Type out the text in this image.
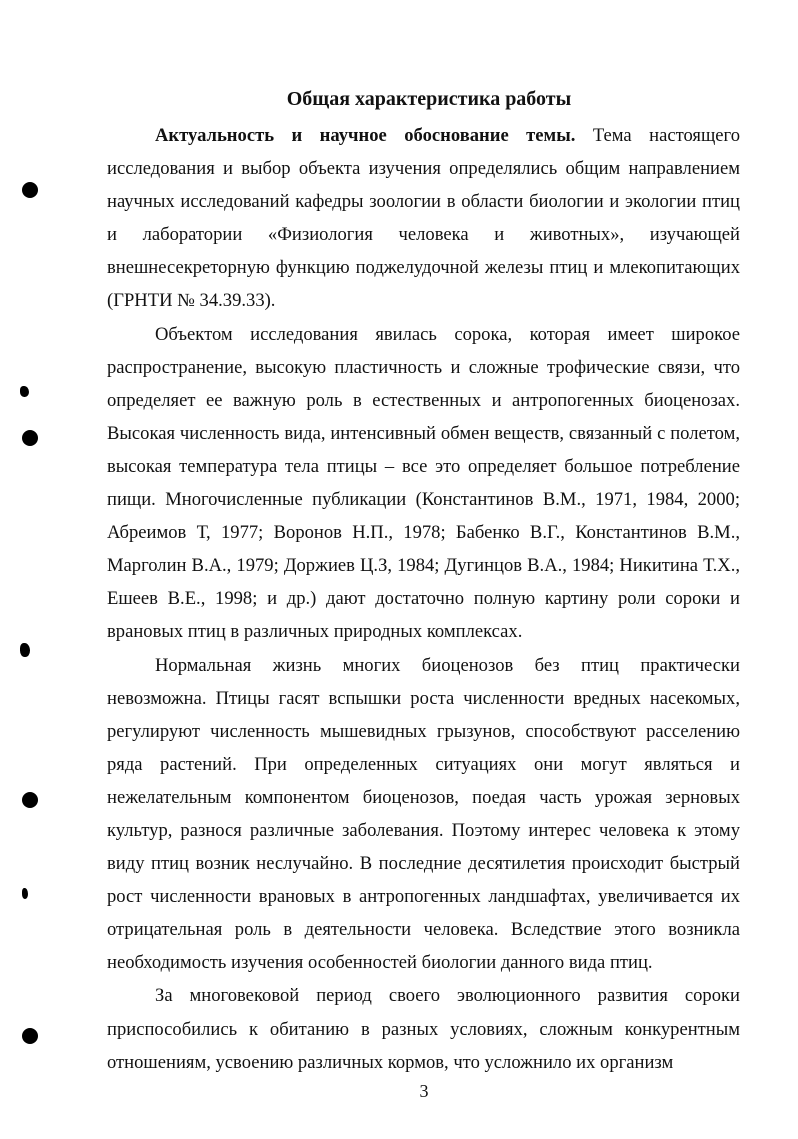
Общая характеристика работы

Актуальность и научное обоснование темы. Тема настоящего исследования и выбор объекта изучения определялись общим направлением научных исследований кафедры зоологии в области биологии и экологии птиц и лаборатории «Физиология человека и животных», изучающей внешнесекреторную функцию поджелудочной железы птиц и млекопитающих (ГРНТИ № 34.39.33).

Объектом исследования явилась сорока, которая имеет широкое распространение, высокую пластичность и сложные трофические связи, что определяет ее важную роль в естественных и антропогенных биоценозах. Высокая численность вида, интенсивный обмен веществ, связанный с полетом, высокая температура тела птицы – все это определяет большое потребление пищи. Многочисленные публикации (Константинов В.М., 1971, 1984, 2000; Абреимов Т, 1977; Воронов Н.П., 1978; Бабенко В.Г., Константинов В.М., Марголин В.А., 1979; Доржиев Ц.З, 1984; Дугинцов В.А., 1984; Никитина Т.Х., Ешеев В.Е., 1998; и др.) дают достаточно полную картину роли сороки и врановых птиц в различных природных комплексах.

Нормальная жизнь многих биоценозов без птиц практически невозможна. Птицы гасят вспышки роста численности вредных насекомых, регулируют численность мышевидных грызунов, способствуют расселению ряда растений. При определенных ситуациях они могут являться и нежелательным компонентом биоценозов, поедая часть урожая зерновых культур, разнося различные заболевания. Поэтому интерес человека к этому виду птиц возник неслучайно. В последние десятилетия происходит быстрый рост численности врановых в антропогенных ландшафтах, увеличивается их отрицательная роль в деятельности человека. Вследствие этого возникла необходимость изучения особенностей биологии данного вида птиц.

За многовековой период своего эволюционного развития сороки приспособились к обитанию в разных условиях, сложным конкурентным отношениям, усвоению различных кормов, что усложнило их организм

3
